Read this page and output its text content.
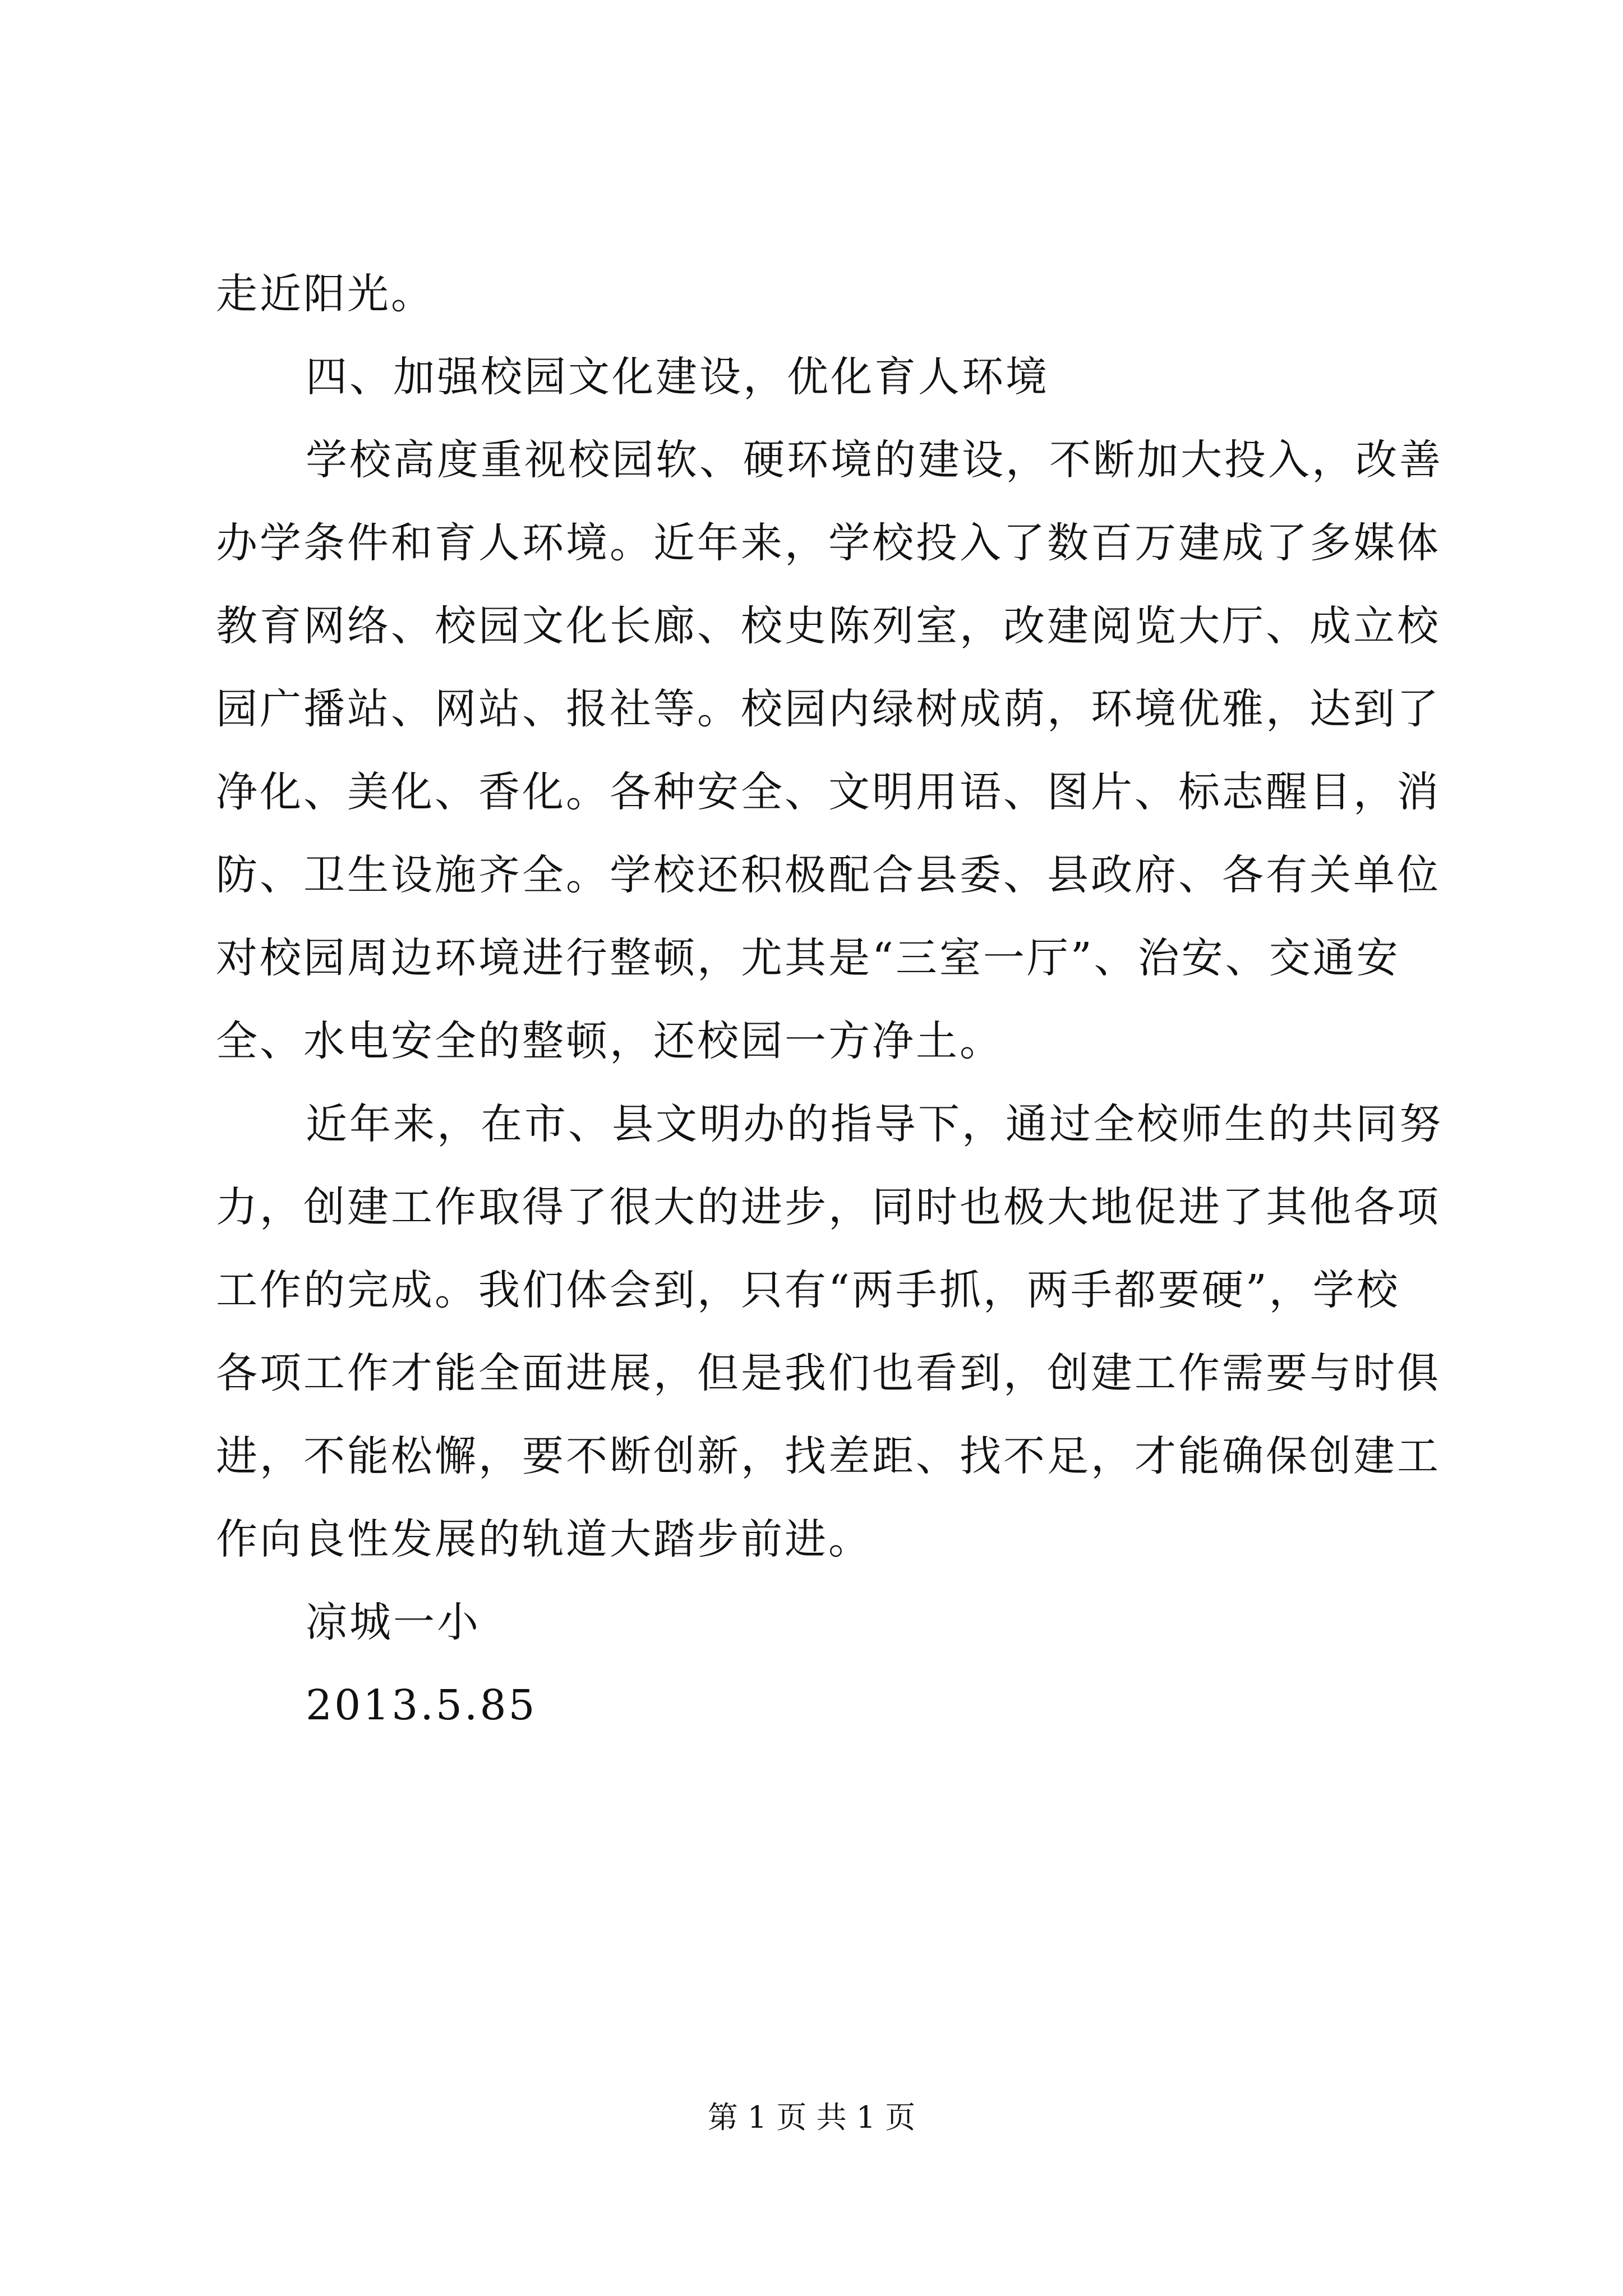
走近阳光。
四、加强校园文化建设，优化育人环境
学校高度重视校园软、硬环境的建设，不断加大投入，改善
办学条件和育人环境。近年来，学校投入了数百万建成了多媒体
教育网络、校园文化长廊、校史陈列室，改建阅览大厅、成立校
园广播站、网站、报社等。校园内绿树成荫，环境优雅，达到了
净化、美化、香化。各种安全、文明用语、图片、标志醒目，消
防、卫生设施齐全。学校还积极配合县委、县政府、各有关单位
对校园周边环境进行整顿，尤其是“三室一厅”、治安、交通安
全、水电安全的整顿，还校园一方净土。
近年来，在市、县文明办的指导下，通过全校师生的共同努
力，创建工作取得了很大的进步，同时也极大地促进了其他各项
工作的完成。我们体会到，只有“两手抓，两手都要硬”，学校
各项工作才能全面进展，但是我们也看到，创建工作需要与时俱
进，不能松懈，要不断创新，找差距、找不足，才能确保创建工
作向良性发展的轨道大踏步前进。
凉城一小
2013.5.85
第 1 页 共 1 页
